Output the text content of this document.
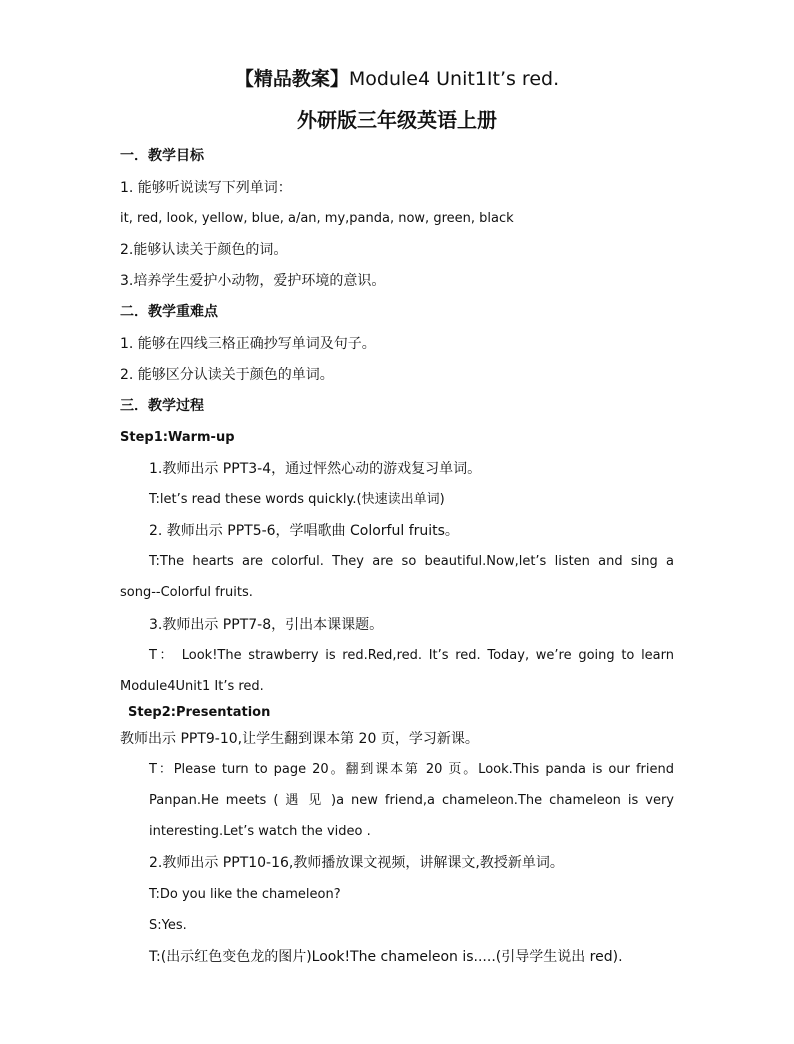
【精品教案】Module4 Unit1It’s red.
外研版三年级英语上册
一．教学目标
1. 能够听说读写下列单词：
it, red, look, yellow, blue, a/an, my,panda, now, green, black
2.能够认读关于颜色的词。
3.培养学生爱护小动物，爱护环境的意识。
二．教学重难点
1. 能够在四线三格正确抄写单词及句子。
2. 能够区分认读关于颜色的单词。
三．教学过程
Step1:Warm-up
1.教师出示 PPT3-4，通过怦然心动的游戏复习单词。
T:let’s read these words quickly.(快速读出单词)
2. 教师出示 PPT5-6，学唱歌曲 Colorful fruits。
T:The hearts are colorful. They are so beautiful.Now,let’s listen and sing a
song--Colorful fruits.
3.教师出示 PPT7-8，引出本课课题。
T： Look!The strawberry is red.Red,red. It’s red. Today, we’re going to learn
Module4Unit1 It’s red.
Step2:Presentation
教师出示 PPT9-10,让学生翻到课本第 20 页，学习新课。
T：Please turn to page 20。翻到课本第 20 页。Look.This panda is our friend
Panpan.He meets ( 遇 见 )a new friend,a chameleon.The chameleon is very
interesting.Let’s watch the video .
2.教师出示 PPT10-16,教师播放课文视频，讲解课文,教授新单词。
T:Do you like the chameleon?
S:Yes.
T:(出示红色变色龙的图片)Look!The chameleon is.....(引导学生说出 red).
